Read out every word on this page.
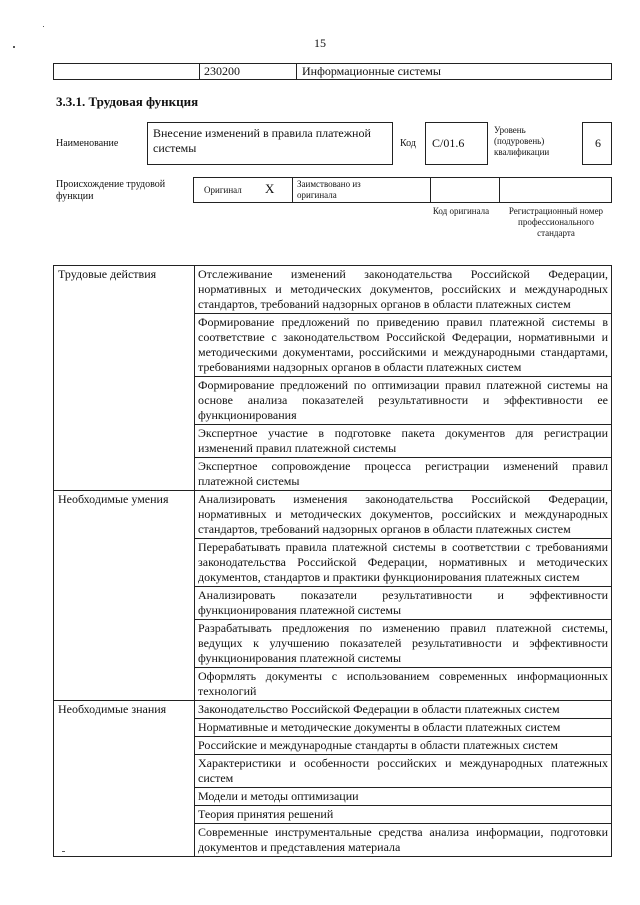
15
230200	Информационные системы
3.3.1. Трудовая функция
Наименование
Внесение изменений в правила платежной системы	Код C/01.6
Уровень (подуровень) квалификации
6
Происхождение трудовой функции
Оригинал X	Заимствовано из оригинала
Код оригинала	Регистрационный номер профессионального стандарта
Трудовые действия	Отслеживание изменений законодательства Российской Федерации, нормативных и методических документов, российских и международных стандартов, требований надзорных органов в области платежных систем
	Формирование предложений по приведению правил платежной системы в соответствие с законодательством Российской Федерации, нормативными и методическими документами, российскими и международными стандартами, требованиями надзорных органов в области платежных систем
	Формирование предложений по оптимизации правил платежной системы на основе анализа показателей результативности и эффективности ее функционирования
	Экспертное участие в подготовке пакета документов для регистрации изменений правил платежной системы
	Экспертное сопровождение процесса регистрации изменений правил платежной системы
Необходимые умения	Анализировать изменения законодательства Российской Федерации, нормативных и методических документов, российских и международных стандартов, требований надзорных органов в области платежных систем
	Перерабатывать правила платежной системы в соответствии с требованиями законодательства Российской Федерации, нормативных и методических документов, стандартов и практики функционирования платежных систем
	Анализировать показатели результативности и эффективности функционирования платежной системы
	Разрабатывать предложения по изменению правил платежной системы, ведущих к улучшению показателей результативности и эффективности функционирования платежной системы
	Оформлять документы с использованием современных информационных технологий
Необходимые знания	Законодательство Российской Федерации в области платежных систем
	Нормативные и методические документы в области платежных систем
	Российские и международные стандарты в области платежных систем
	Характеристики и особенности российских и международных платежных систем
	Модели и методы оптимизации
	Теория принятия решений
	Современные инструментальные средства анализа информации, подготовки документов и представления материала
